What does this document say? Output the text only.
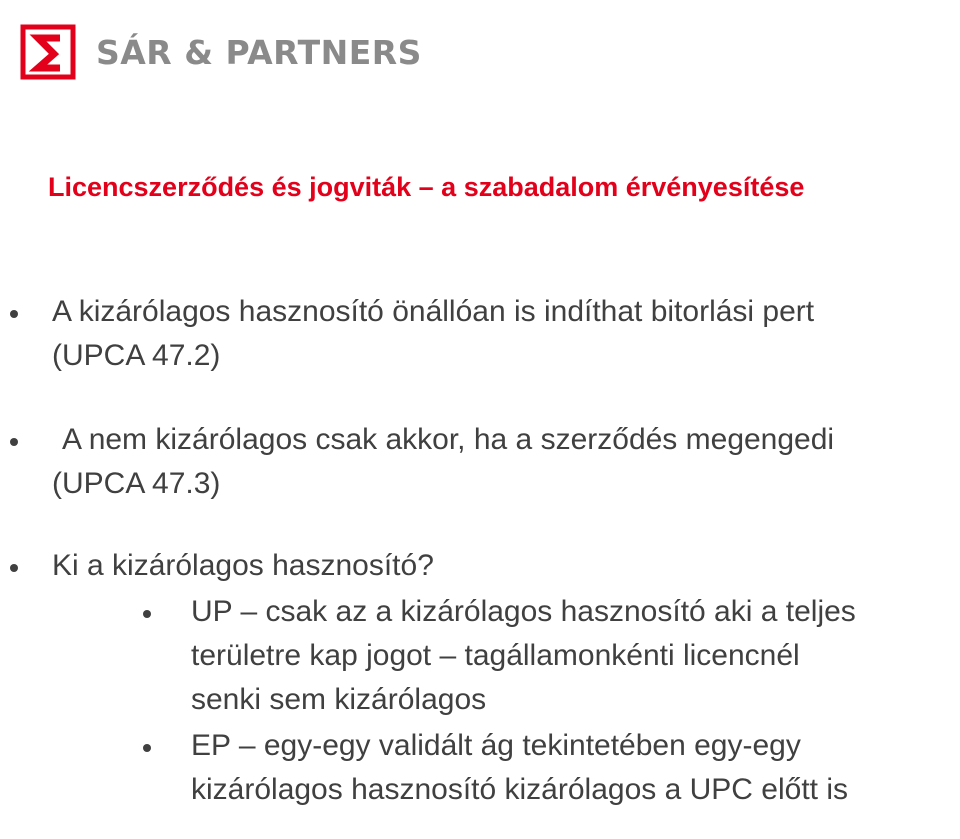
SÁR & PARTNERS
Licencszerződés és jogviták – a szabadalom érvényesítése
A kizárólagos hasznosító önállóan is indíthat bitorlási pert
(UPCA 47.2)
A nem kizárólagos csak akkor, ha a szerződés megengedi
(UPCA 47.3)
Ki a kizárólagos hasznosító?
UP – csak az a kizárólagos hasznosító aki a teljes
területre kap jogot – tagállamonkénti licencnél
senki sem kizárólagos
EP – egy-egy validált ág tekintetében egy-egy
kizárólagos hasznosító kizárólagos a UPC előtt is
